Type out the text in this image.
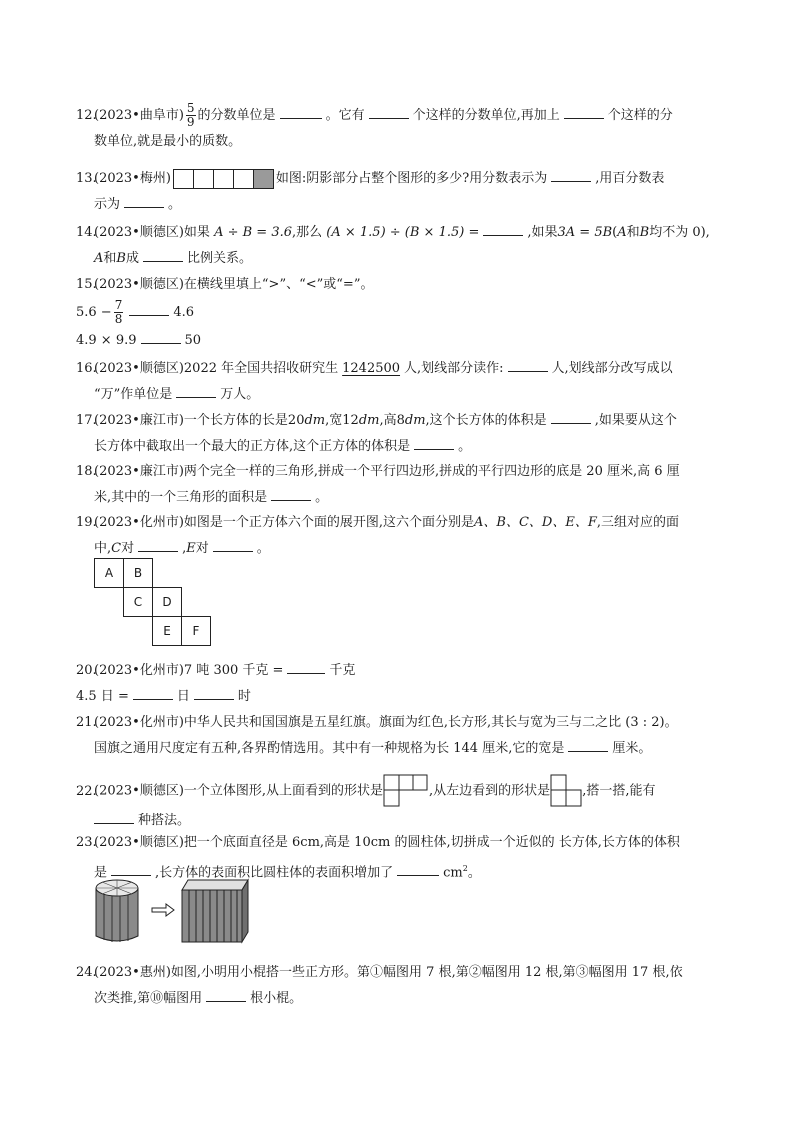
12.(2023•曲阜市) $\frac{5}{9}$ 的分数单位是	。它有	个这样的分数单位,再加上	个这样的分
数单位,就是最小的质数。
13.(2023•梅州)	如图:阴影部分占整个图形的多少?用分数表示为	,用百分数表
示为	。
14.(2023•顺德区)如果 A ÷ B = 3.6,那么 (A × 1.5) ÷ (B × 1.5) =	,如果3A = 5B(A和B均不为 0),
A和B成	比例关系。
15.(2023•顺德区)在横线里填上“>”、“<”或“=”。
$5.6 - \frac{7}{8}$	4.6
4.9 × 9.9	50
16.(2023•顺德区)2022 年全国共招收研究生 1242500 人,划线部分读作:	人,划线部分改写成以
“万”作单位是	万人。
17.(2023•廉江市)一个长方体的长是20dm,宽12dm,高8dm,这个长方体的体积是	,如果要从这个
长方体中截取出一个最大的正方体,这个正方体的体积是	。
18.(2023•廉江市)两个完全一样的三角形,拼成一个平行四边形,拼成的平行四边形的底是 20 厘米,高 6 厘
米,其中的一个三角形的面积是	。
19.(2023•化州市)如图是一个正方体六个面的展开图,这六个面分别是A、B、C、D、E、F,三组对应的面
中,C对	,E对	。
A	B
C	D
E	F
20.(2023•化州市)7 吨 300 千克 =	千克
4.5 日 =	日	时
21.(2023•化州市)中华人民共和国国旗是五星红旗。旗面为红色,长方形,其长与宽为三与二之比 (3 : 2)。
国旗之通用尺度定有五种,各界酌情选用。其中有一种规格为长 144 厘米,它的宽是	厘米。
22.(2023•顺德区)一个立体图形,从上面看到的形状是	,从左边看到的形状是 ,搭一搭,能有
种搭法。
23.(2023•顺德区)把一个底面直径是 6cm,高是 10cm 的圆柱体,切拼成一个近似的 长方体,长方体的体积
是	,长方体的表面积比圆柱体的表面积增加了	$cm^2$。
24.(2023•惠州)如图,小明用小棍搭一些正方形。第①幅图用 7 根,第②幅图用 12 根,第③幅图用 17 根,依
次类推,第⑩幅图用	根小棍。
